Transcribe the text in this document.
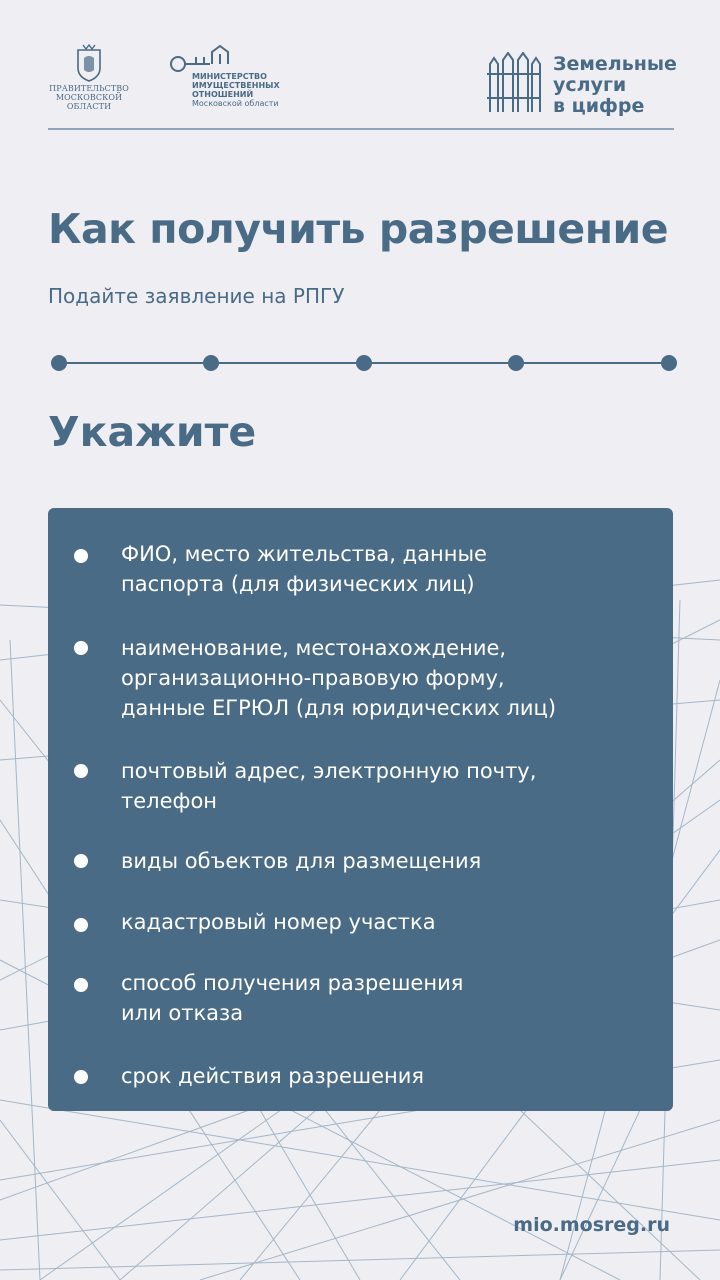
ПРАВИТЕЛЬСТВО
МОСКОВСКОЙ
ОБЛАСТИ
МИНИСТЕРСТВО
ИМУЩЕСТВЕННЫХ
ОТНОШЕНИЙ
Московской области
Земельные
услуги
в цифре
Как получить разрешение
Подайте заявление на РПГУ
Укажите
ФИО, место жительства, данные
паспорта (для физических лиц)
наименование, местонахождение,
организационно-правовую форму,
данные ЕГРЮЛ (для юридических лиц)
почтовый адрес, электронную почту,
телефон
виды объектов для размещения
кадастровый номер участка
способ получения разрешения
или отказа
срок действия разрешения
mio.mosreg.ru
